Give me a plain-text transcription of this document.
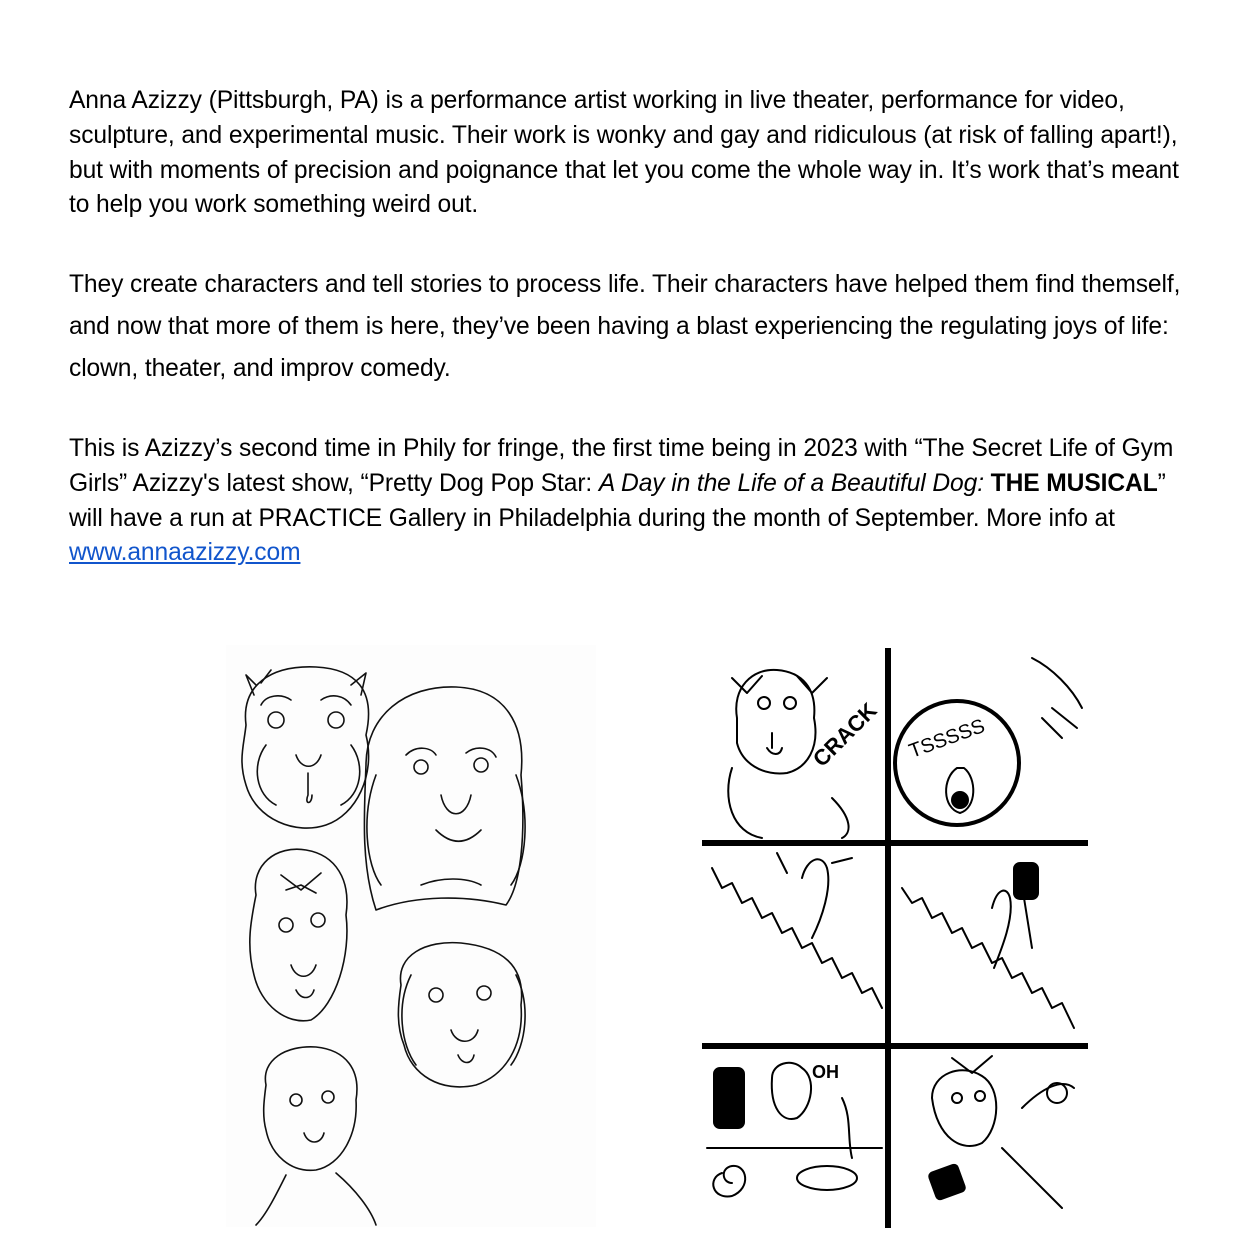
Anna Azizzy (Pittsburgh, PA) is a performance artist working in live theater, performance for video, sculpture, and experimental music. Their work is wonky and gay and ridiculous (at risk of falling apart!), but with moments of precision and poignance that let you come the whole way in. It’s work that’s meant to help you work something weird out.

They create characters and tell stories to process life. Their characters have helped them find themself, and now that more of them is here, they’ve been having a blast experiencing the regulating joys of life: clown, theater, and improv comedy.

This is Azizzy’s second time in Phily for fringe, the first time being in 2023 with “The Secret Life of Gym Girls” Azizzy's latest show, “Pretty Dog Pop Star: A Day in the Life of a Beautiful Dog: THE MUSICAL” will have a run at PRACTICE Gallery in Philadelphia during the month of September. More info at www.annaazizzy.com

CRACK TSSSSS
OH
